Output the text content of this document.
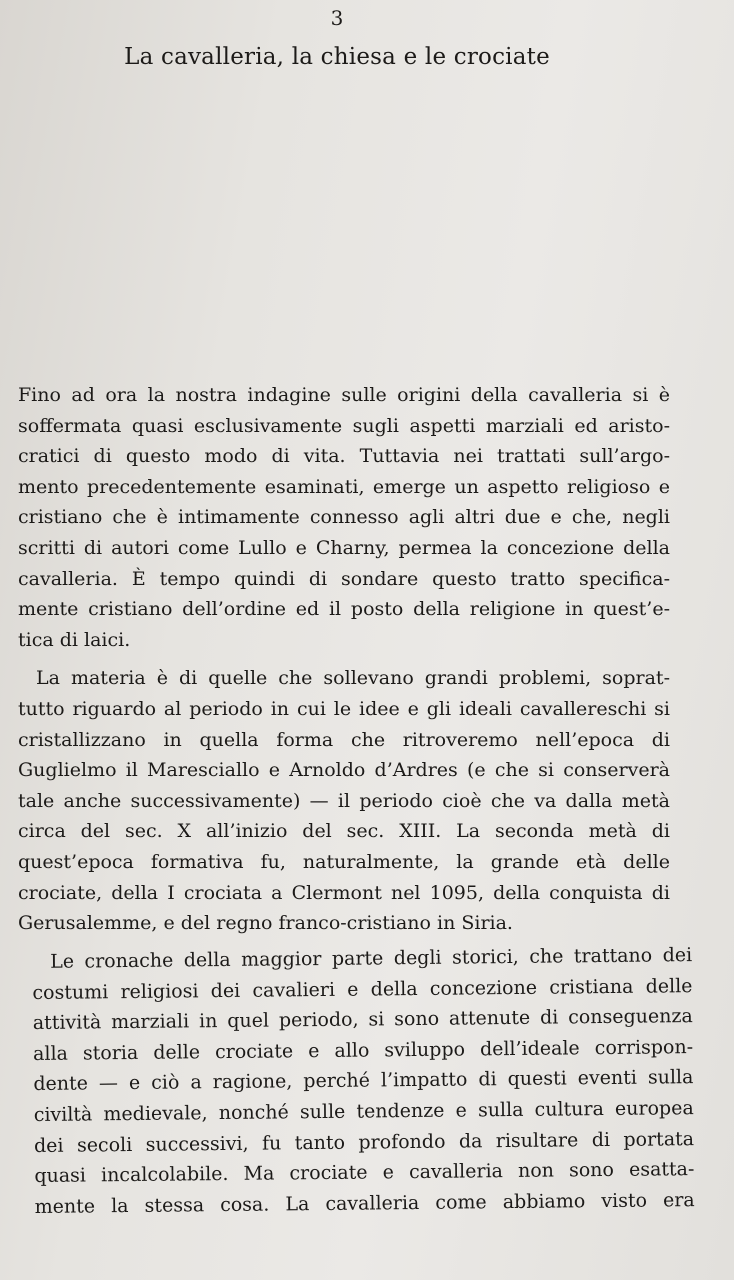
3
La cavalleria, la chiesa e le crociate
Fino ad ora la nostra indagine sulle origini della cavalleria si è
soffermata quasi esclusivamente sugli aspetti marziali ed aristo-
cratici di questo modo di vita. Tuttavia nei trattati sull’argo-
mento precedentemente esaminati, emerge un aspetto religioso e
cristiano che è intimamente connesso agli altri due e che, negli
scritti di autori come Lullo e Charny, permea la concezione della
cavalleria. È tempo quindi di sondare questo tratto specifica-
mente cristiano dell’ordine ed il posto della religione in quest’e-
tica di laici.
La materia è di quelle che sollevano grandi problemi, soprat-
tutto riguardo al periodo in cui le idee e gli ideali cavallereschi si
cristallizzano in quella forma che ritroveremo nell’epoca di
Guglielmo il Maresciallo e Arnoldo d’Ardres (e che si conserverà
tale anche successivamente) — il periodo cioè che va dalla metà
circa del sec. X all’inizio del sec. XIII. La seconda metà di
quest’epoca formativa fu, naturalmente, la grande età delle
crociate, della I crociata a Clermont nel 1095, della conquista di
Gerusalemme, e del regno franco-cristiano in Siria.
Le cronache della maggior parte degli storici, che trattano dei
costumi religiosi dei cavalieri e della concezione cristiana delle
attività marziali in quel periodo, si sono attenute di conseguenza
alla storia delle crociate e allo sviluppo dell’ideale corrispon-
dente — e ciò a ragione, perché l’impatto di questi eventi sulla
civiltà medievale, nonché sulle tendenze e sulla cultura europea
dei secoli successivi, fu tanto profondo da risultare di portata
quasi incalcolabile. Ma crociate e cavalleria non sono esatta-
mente la stessa cosa. La cavalleria come abbiamo visto era
